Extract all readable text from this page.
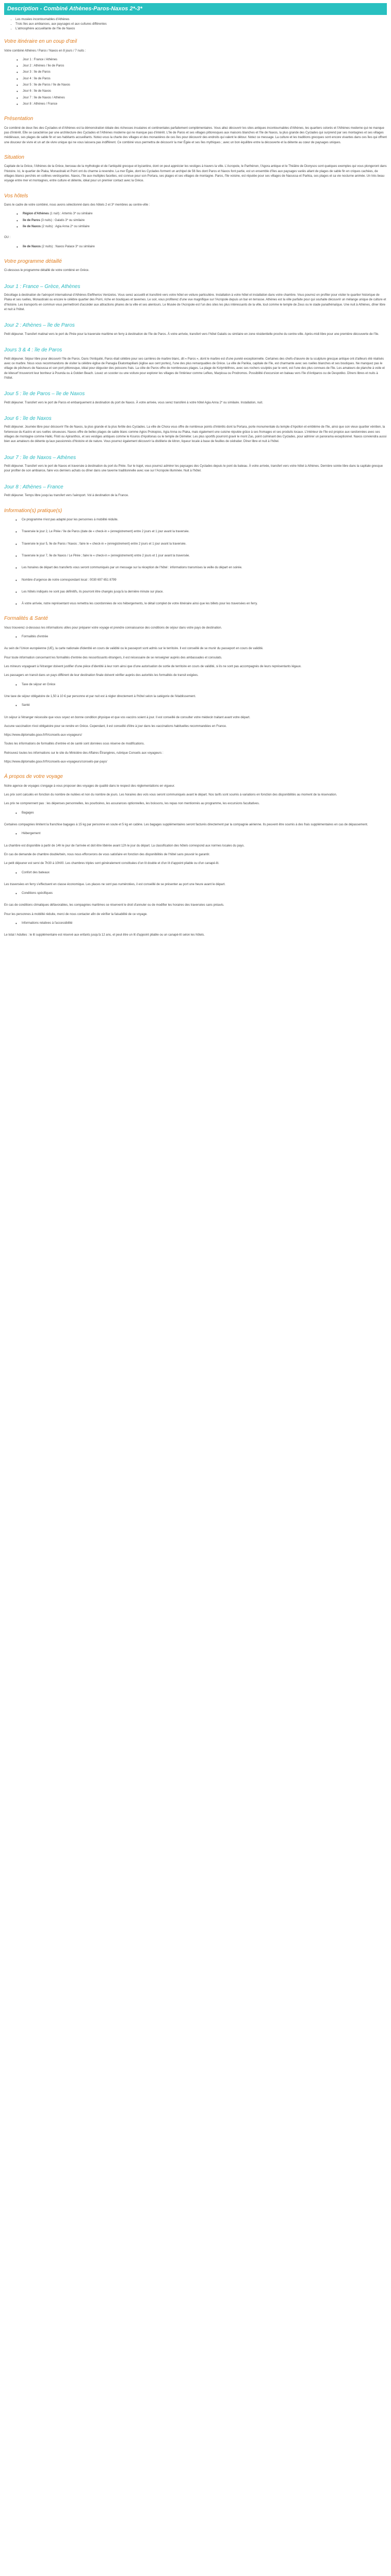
Description - Combiné Athènes-Paros-Naxos 2*-3*
• Les musées incontournables d'Athènes
• Trois îles aux ambiances, aux paysages et aux cultures différentes
• L'atmosphère accueillante de l'île de Naxos
Votre itinéraire en un coup d'œil

Votre combiné Athènes / Paros / Naxos en 8 jours / 7 nuits :

• Jour 1 : France / Athènes
• Jour 2 : Athènes / île de Paros
• Jour 3 : île de Paros
• Jour 4 : île de Paros
• Jour 5 : île de Paros / île de Naxos
• Jour 6 : île de Naxos
• Jour 7 : île de Naxos / Athènes
• Jour 8 : Athènes / France
Présentation

Ce combiné de deux îles des Cyclades et d'Athènes est la démonstration idéale des richesses insulaires et continentales parfaitement complémentaires. Vous allez découvrir les sites antiques incontournables d'Athènes, les quartiers colorés et l'Athènes moderne qui ne manque pas d'intérêt. Elle se caractérise par une architecture des Cyclades et l'Athènes moderne qui ne manque pas d'intérêt. L'île de Paros et ses villages pittoresques aux maisons blanches et l'île de Naxos, la plus grande des Cyclades qui surprend par ses montagnes et ses villages médiévaux, ses plages de sable fin et ses habitants accueillants. Notez-vous la charte des villages et des monastères de ces îles pour découvrir des endroits qui valent le détour. Notez ce message. La culture et les traditions grecques sont encore vivantes dans ces îles qui offrent une douceur de vivre et un art de vivre unique qui ne vous laissera pas indifférent. Ce combiné vous permettra de découvrir la mer Égée et ses îles mythiques ; avec un bon équilibre entre la découverte et la détente au cœur de paysages uniques.

Situation

Capitale de la Grèce, l'Athènes de la Grèce, berceau de la mythologie et de l'antiquité grecque et byzantine, dont on peut apprécier les vestiges à travers la ville. L'Acropole, le Parthénon, l'Agora antique et le Théâtre de Dionysos sont quelques exemples qui vous plongeront dans l'histoire. Ici, le quartier de Plaka, Monastiraki et Psirri ont du charme à revendre. La mer Égée, dont les Cyclades forment un archipel de 56 îles dont Paros et Naxos font partie, est un ensemble d'îles aux paysages variés allant de plages de sable fin en criques cachées, de villages blancs perchés en collines verdoyantes. Naxos, l'île aux multiples facettes, est connue pour son Portara, ses plages et ses villages de montagne. Paros, l'île voisine, est réputée pour ses villages de Naoussa et Parikia, ses plages et sa vie nocturne animée. Un très beau voyage entre mer et montagnes, entre culture et détente, idéal pour un premier contact avec la Grèce.

Vos hôtels

Dans le cadre de votre combiné, nous avons sélectionné dans des hôtels 2 et 3* membres au centre-ville :

• Région d'Athènes (1 nuit) : Artemis 3* ou similaire
• île de Paros (3 nuits) : Galatis 3* ou similaire
• île de Naxos (2 nuits) : Agia Anna 2* ou similaire

OU :

• île de Naxos (2 nuits) : Naxos Palace 3* ou similaire
Votre programme détaillé

Ci-dessous le programme détaillé de votre combiné en Grèce.

Jour 1 : France – Grèce, Athènes

Décollage à destination de l'aéroport international d'Athènes Eleftherios Venizelos. Vous serez accueilli et transféré vers votre hôtel en voiture particulière. Installation à votre hôtel et installation dans votre chambre. Vous pourrez en profiter pour visiter le quartier historique de Plaka et ses ruelles, Monastiraki ou encore le célèbre quartier des Psirri, riche en boutiques et tavernes. Le soir, vous profiterez d'une vue magnifique sur l'Acropole depuis un bar en terrasse. Athènes est la ville parfaite pour qui souhaite découvrir un mélange unique de culture et d'histoire. Les transports en commun vous permettront d'accéder aux attractions phares de la ville et ses alentours. Le Musée de l'Acropole est l'un des sites les plus intéressants de la ville, tout comme le temple de Zeus ou le stade panathénaïque. Une nuit à Athènes, dîner libre et nuit à l'hôtel.

Jour 2 : Athènes – île de Paros

Petit déjeuner. Transfert matinal vers le port du Pirée pour la traversée maritime en ferry à destination de l'île de Paros. À votre arrivée, transfert vers l'hôtel Galatis ou similaire en zone résidentielle proche du centre-ville. Après-midi libre pour une première découverte de l'île.

Jours 3 & 4 : île de Paros

Petit déjeuner. Séjour libre pour découvrir l'île de Paros. Dans l'Antiquité, Paros était célèbre pour ses carrières de marbre blanc, dit « Paros », dont le marbre est d'une pureté exceptionnelle. Certaines des chefs-d'œuvre de la sculpture grecque antique ont d'ailleurs été réalisés avec ce marbre. Nous vous recommandons de visiter la célèbre église de Panagia Ekatontapiliani (église aux cent portes), l'une des plus remarquables de Grèce. La ville de Parikia, capitale de l'île, est charmante avec ses ruelles blanches et ses boutiques. Ne manquez pas le village de pêcheurs de Naoussa et son port pittoresque, idéal pour déguster des poissons frais. La côte de Paros offre de nombreuses plages. La plage de Kolymbithres, avec ses rochers sculptés par le vent, est l'une des plus connues de l'île. Les amateurs de planche à voile et de kitesurf trouveront leur bonheur à Pounda ou à Golden Beach. Louez un scooter ou une voiture pour explorer les villages de l'intérieur comme Lefkes, Marpissa ou Prodromos. Possibilité d'excursion en bateau vers l'île d'Antiparos ou de Despotiko. Dîners libres et nuits à l'hôtel.

Jour 5 : île de Paros – île de Naxos

Petit déjeuner. Transfert vers le port de Paros et embarquement à destination du port de Naxos. À votre arrivée, vous serez transféré à votre hôtel Agia Anna 2* ou similaire. Installation, nuit.

Jour 6 : île de Naxos

Petit déjeuner. Journée libre pour découvrir l'île de Naxos, la plus grande et la plus fertile des Cyclades. La ville de Chora vous offre de nombreux points d'intérêts dont la Portara, porte monumentale du temple d'Apollon et emblème de l'île, ainsi que son vieux quartier vénitien, la forteresse du Kastro et ses ruelles sinueuses. Naxos offre de belles plages de sable blanc comme Agios Prokopios, Agia Anna ou Plaka, mais également une cuisine réputée grâce à ses fromages et ses produits locaux. L'intérieur de l'île est propice aux randonnées avec ses villages de montagne comme Halki, Filoti ou Apiranthos, et ses vestiges antiques comme le Kouros d'Apollonas ou le temple de Déméter. Les plus sportifs pourront gravir le mont Zas, point culminant des Cyclades, pour admirer un panorama exceptionnel. Naxos conviendra aussi bien aux amateurs de détente qu'aux passionnés d'histoire et de nature. Vous pourrez également découvrir la distillerie de kitron, liqueur locale à base de feuilles de cédratier. Dîner libre et nuit à l'hôtel.

Jour 7 : île de Naxos – Athènes

Petit déjeuner. Transfert vers le port de Naxos et traversée à destination du port du Pirée. Sur le trajet, vous pourrez admirer les paysages des Cyclades depuis le pont du bateau. À votre arrivée, transfert vers votre hôtel à Athènes. Dernière soirée libre dans la capitale grecque pour profiter de son ambiance, faire vos derniers achats ou dîner dans une taverne traditionnelle avec vue sur l'Acropole illuminée. Nuit à l'hôtel.

Jour 8 : Athènes – France

Petit déjeuner. Temps libre jusqu'au transfert vers l'aéroport. Vol à destination de la France.

Information(s) pratique(s)
• Ce programme n'est pas adapté pour les personnes à mobilité réduite.
• Traversée le jour 2, Le Pirée / île de Paros (date de « check-in » (enregistrement) entre 2 jours et 1 jour avant la traversée.
• Traversée le jour 5, île de Paros / Naxos ; faire le « check-in » (enregistrement) entre 2 jours et 1 jour avant la traversée.
• Traversée le jour 7, île de Naxos / Le Pirée ; faire le « check-in » (enregistrement) entre 2 jours et 1 jour avant la traversée.
• Les horaires de départ des transferts vous seront communiqués par un message sur la réception de l'hôtel : informations transmises la veille du départ en soirée.
• Nombre d'urgence de notre correspondant local : 0030 697 651 8799
• Les hôtels indiqués ne sont pas définitifs, ils pourront être changés jusqu'à la dernière minute sur place.
• À votre arrivée, notre représentant vous remettra les coordonnées de vos hébergements, le détail complet de votre itinéraire ainsi que les billets pour les traversées en ferry.
Formalités & Santé

Vous trouverez ci-dessous les informations utiles pour préparer votre voyage et prendre connaissance des conditions de séjour dans votre pays de destination.

• Formalités d'entrée

Au sein de l'Union européenne (UE), la carte nationale d'identité en cours de validité ou le passeport sont admis sur le territoire. Il est conseillé de se munir du passeport en cours de validité.

Pour toute information concernant les formalités d'entrée des ressortissants étrangers, il est nécessaire de se renseigner auprès des ambassades et consulats.

Les mineurs voyageant à l'étranger doivent justifier d'une pièce d'identité à leur nom ainsi que d'une autorisation de sortie de territoire en cours de validité, si ils ne sont pas accompagnés de leurs représentants légaux.

Les passagers en transit dans un pays différent de leur destination finale doivent vérifier auprès des autorités les formalités de transit exigées.

• Taxe de séjour en Grèce

Une taxe de séjour obligatoire de 1,50 à 10 € par personne et par nuit est à régler directement à l'hôtel selon la catégorie de l'établissement.

• Santé

Un séjour à l'étranger nécessite que vous soyez en bonne condition physique et que vos vaccins soient à jour. Il est conseillé de consulter votre médecin traitant avant votre départ.

Aucune vaccination n'est obligatoire pour se rendre en Grèce. Cependant, il est conseillé d'être à jour dans les vaccinations habituelles recommandées en France.

https://www.diplomatie.gouv.fr/fr/conseils-aux-voyageurs/

Toutes les informations de formalités d'entrée et de santé sont données sous réserve de modifications.

Retrouvez toutes les informations sur le site du Ministère des Affaires Étrangères, rubrique Conseils aux voyageurs :

https://www.diplomatie.gouv.fr/fr/conseils-aux-voyageurs/conseils-par-pays/

À propos de votre voyage

Notre agence de voyages s'engage à vous proposer des voyages de qualité dans le respect des réglementations en vigueur.

Les prix sont calculés en fonction du nombre de nuitées et non du nombre de jours. Les horaires des vols vous seront communiqués avant le départ. Nos tarifs sont soumis à variations en fonction des disponibilités au moment de la réservation.

Les prix ne comprennent pas : les dépenses personnelles, les pourboires, les assurances optionnelles, les boissons, les repas non mentionnés au programme, les excursions facultatives.

• Bagages

Certaines compagnies limitent la franchise bagages à 15 kg par personne en soute et 5 kg en cabine. Les bagages supplémentaires seront facturés directement par la compagnie aérienne. Ils peuvent être soumis à des frais supplémentaires en cas de dépassement.

• Hébergement

La chambre est disponible à partir de 14h le jour de l'arrivée et doit être libérée avant 12h le jour du départ. La classification des hôtels correspond aux normes locales du pays.

En cas de demande de chambre double/twin, nous nous efforcerons de vous satisfaire en fonction des disponibilités de l'hôtel sans pouvoir le garantir.

Le petit déjeuner est servi de 7h30 à 10h00. Les chambres triples sont généralement constituées d'un lit double et d'un lit d'appoint pliable ou d'un canapé-lit.

• Confort des bateaux

Les traversées en ferry s'effectuent en classe économique. Les places ne sont pas numérotées, il est conseillé de se présenter au port une heure avant le départ.

• Conditions spécifiques

En cas de conditions climatiques défavorables, les compagnies maritimes se réservent le droit d'annuler ou de modifier les horaires des traversées sans préavis.

Pour les personnes à mobilité réduite, merci de nous contacter afin de vérifier la faisabilité de ce voyage.

• Informations relatives à l'accessibilité

Le total / Adultes : le lit supplémentaire est réservé aux enfants jusqu'à 12 ans, et peut être un lit d'appoint pliable ou un canapé-lit selon les hôtels.
